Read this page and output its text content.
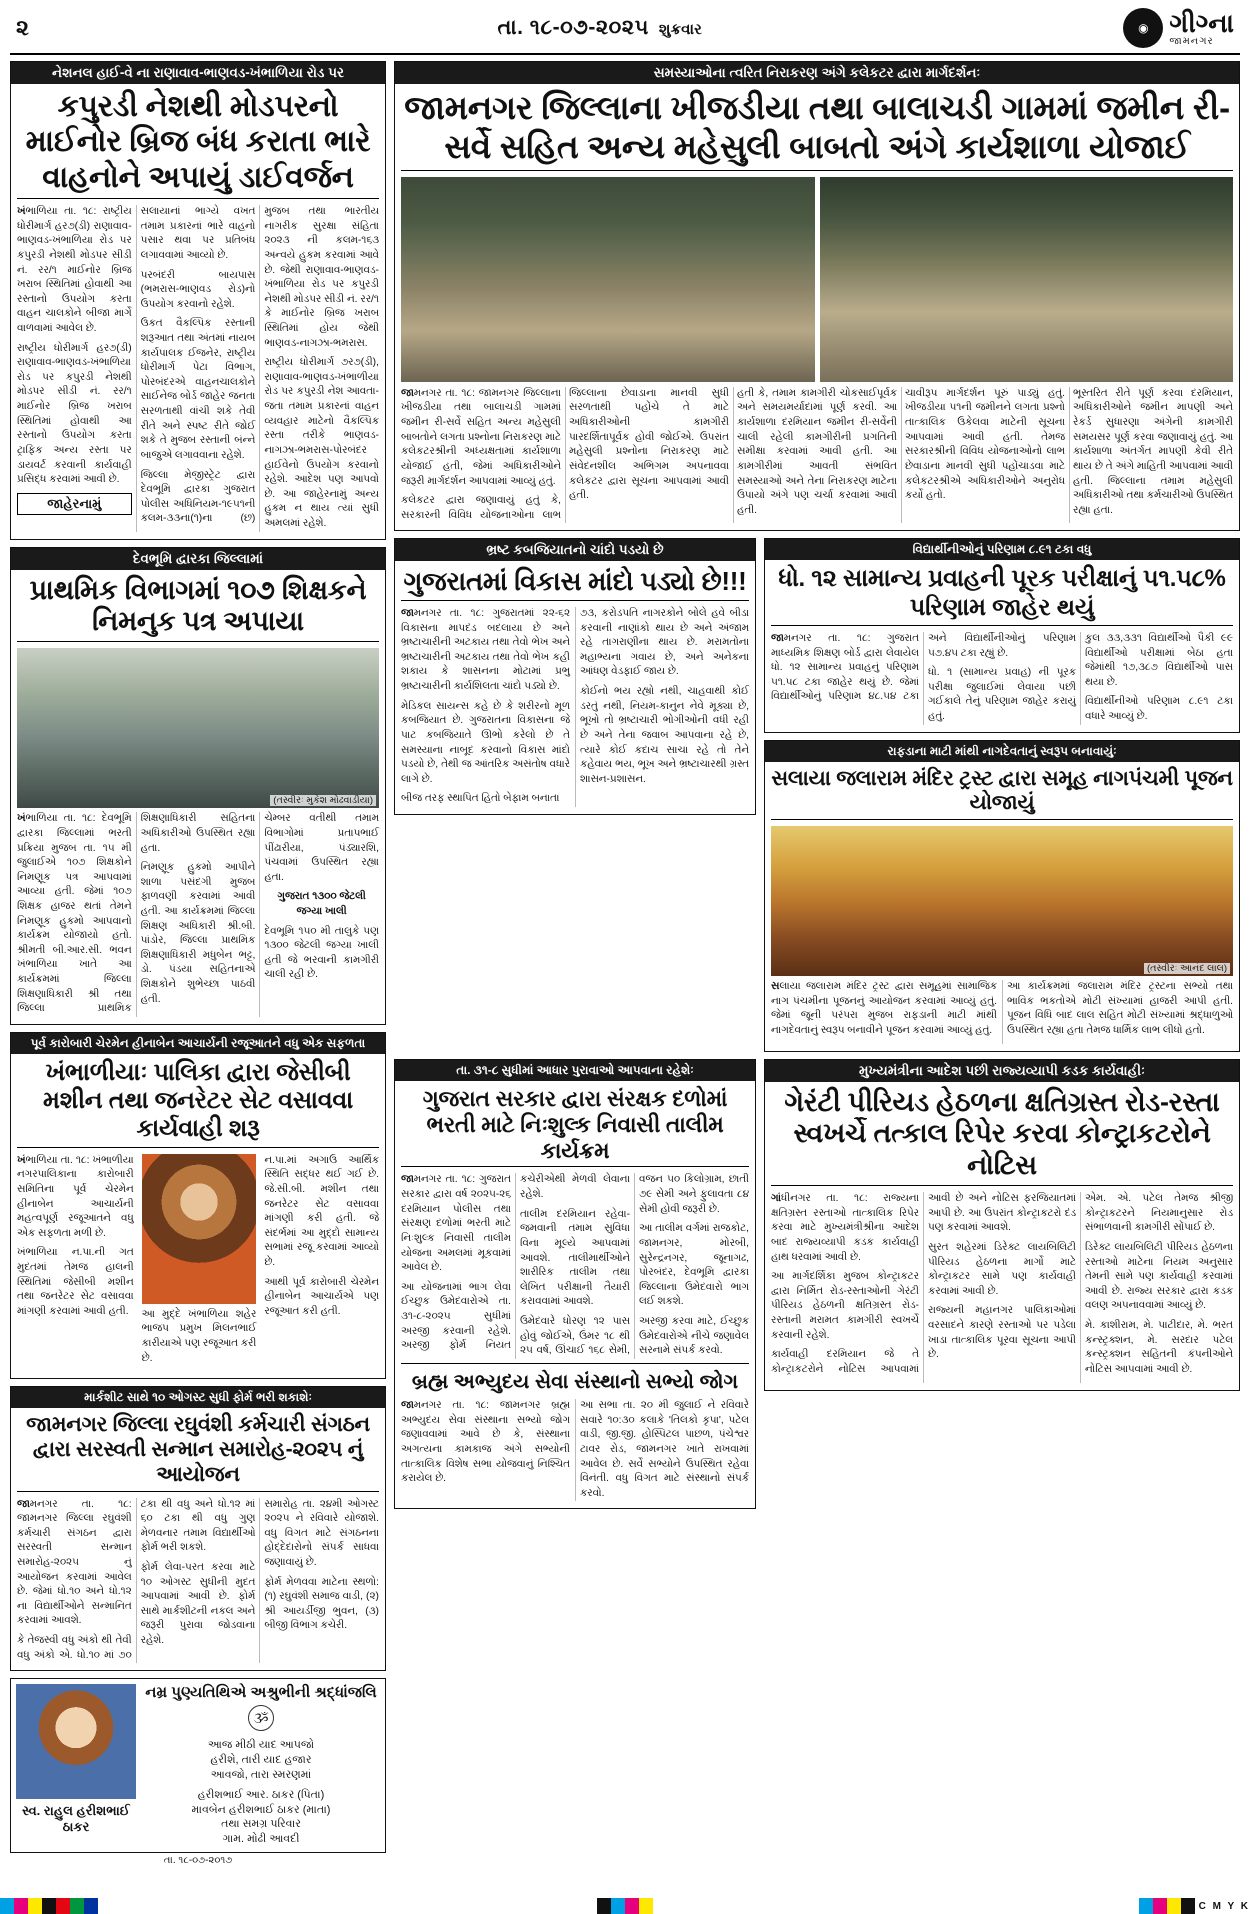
૨	તા. ૧૮-૦૭-૨૦૨૫ શુક્રવાર	◉ ગીગ્ના
જામનગર
નેશનલ હાઈ-વે ના રાણાવાવ-ભાણવડ-ખંભાળિયા રોડ પર
કપુરડી નેશથી મોડપરનો માઈનોર બ્રિજ બંધ કરાતા ભારે વાહનોને અપાયું ડાઈવર્જન

ખંભાળિયા તા. ૧૮: રાષ્ટ્રીય ધોરીમાર્ગ હર૭(ડી) રાણાવાવ-ભાણવડ-ખંભાળિયા રોડ પર કપુરડી નેશથી મોડપર સીડી નં. રર/૧ માઈનોર બ્રિજ ખરાબ સ્થિતિમાં હોવાથી આ રસ્તાનો ઉપયોગ કરતા વાહન ચાલકોને બીજા માર્ગે વાળવામાં આવેલ છે.

રાષ્ટ્રીય ધોરીમાર્ગ હર૭(ડી) રાણાવાવ-ભાણવડ-ખંભાળિયા રોડ પર કપુરડી નેશથી મોડપર સીડી નં. રર/૧ માઈનોર બ્રિજ ખરાબ સ્થિતિમાં હોવાથી આ રસ્તાનો ઉપયોગ કરતા ટ્રાફિક અન્ય રસ્તા પર ડાયવર્ટ કરવાની કાર્યવાહી પ્રસિદ્ધ કરવામાં આવી છે.

જાહેરનામું

સલાયાનાં ભાગ્યે વખત તમામ પ્રકારનાં ભારે વાહનો પસાર થવા પર પ્રતિબંધ લગાવવામાં આવ્યો છે.

પરબંદરી બાયપાસ (ભમરાસ-ભાણવડ રોડ)નો ઉપયોગ કરવાનો રહેશે.

ઉકત વૈકલ્પિક રસ્તાની શરૂઆત તથા અંતમાં નાયબ કાર્યપાલક ઈજનેર, રાષ્ટ્રીય ધોરીમાર્ગ પેટા વિભાગ, પોરબંદરએ વાહનચાલકોને સાઈનેજ બોર્ડ જાહેર જનતા સરળતાથી વાંચી શકે તેવી રીતે અને સ્પષ્ટ રીતે જોઈ શકે તે મુજબ રસ્તાની બંન્ને બાજુએ લગાવવાના રહેશે.

જિલ્લા મેજીસ્ટ્રેટ દ્વારા દેવભૂમિ દ્વારકા ગુજરાત પોલીસ અધિનિયમ-૧૯૫૧ની કલમ-૩૩ના(૧)ના (છ) મુજબ તથા ભારતીય નાગરીક સુરક્ષા સંહિતા ૨૦૨૩ ની કલમ-૧૬૩ અન્વયે હુકમ કરવામાં આવે છે. જેથી રાણાવાવ-ભાણવડ-ખંભાળિયા રોડ પર કપુરડી નેશથી મોડપર સીડી નં. રર/૧ કે માઈનોર બ્રિજ ખરાબ સ્થિતિમાં હોય જેથી ભાણવડ-નાગઝા-ભમરાસ.

રાષ્ટ્રીય ધોરીમાર્ગ ૭ર૭(ડી), રાણાવાવ-ભાણવડ-ખંભાળીયા રોડ પર કપુરડી નેશ આવતા-જતા તમામ પ્રકારનાં વાહન વ્યવહાર માટેનો વૈકલ્પિક રસ્તા તરીકે ભાણવડ-નાગઝા-ભમરાસ-પોરબંદર હાઈવેનો ઉપયોગ કરવાનો રહેશે. આદેશ પણ આપવો છે. આ જાહેરનામું અન્ય હુકમ ન થાય ત્યાં સુધી અમલમાં રહેશે.

દેવભૂમિ દ્વારકા જિલ્લામાં
પ્રાથમિક વિભાગમાં ૧૦૭ શિક્ષકને નિમનુક પત્ર અપાયા
(તસ્વીરઃ મુકેશ મોઢવાડીયા)

ખંભાળિયા તા. ૧૮: દેવભૂમિ દ્વારકા જિલ્લામાં ભરતી પ્રક્રિયા મુજબ તા. ૧૫ મી જુલાઈએ ૧૦૭ શિક્ષકોને નિમણૂક પત્ર આપવામાં આવ્યા હતી. જેમાં ૧૦૭ શિક્ષક હાજર થતાં તેમને નિમણૂક હુકમો આપવાનો કાર્યક્રમ યોજાયો હતો. શ્રીમતી બી.આર.સી. ભવન ખંભાળિયા ખાતે આ કાર્યક્રમમાં જિલ્લા શિક્ષણાધિકારી શ્રી તથા જિલ્લા પ્રાથમિક શિક્ષણાધિકારી સહિતના અધિકારીઓ ઉપસ્થિત રહ્યા હતા.

નિમણૂક હુકમો આપીને શાળા પસંદગી મુજબ ફાળવણી કરવામાં આવી હતી. આ કાર્યક્રમમાં જિલ્લા શિક્ષણ અધિકારી શ્રી.બી. પાંડોર, જિલ્લા પ્રાથમિક શિક્ષણાધિકારી મધુબેન ભટ્ટ, ડો. પંડયા સહિતનાએ શિક્ષકોને શુભેચ્છા પાઠવી હતી.

ચેમ્બર વતીથી તમામ વિભાગોમાં પ્રતાપભાઈ પીંઢારીયા, પંડ્યારશિ, પંચવામાં ઉપસ્થિત રહ્યા હતા.

ગુજરાત ૧૩૦૦ જેટલી જગ્યા ખાલી

દેવભૂમિ ૧૫૦ મી તાલુકે પણ ૧૩૦૦ જેટલી જગ્યા ખાલી હતી જે ભરવાની કામગીરી ચાલી રહી છે.

પૂર્વ કારોબારી ચેરમેન હીનાબેન આચાર્યની રજૂઆતને વધુ એક સફળતા
ખંભાળીયાઃ પાલિકા દ્વારા જેસીબી મશીન તથા જનરેટર સેટ વસાવવા કાર્યવાહી શરૂ

ખંભાળિયા તા. ૧૮: ખંભાળીયા નગરપાલિકાના કારોબારી સમિતિના પૂર્વ ચેરમેન હીનાબેન આચાર્યની મહત્વપૂર્ણ રજૂઆતને વધુ એક સફળતા મળી છે.

ખંભાળિયા ન.પા.ની ગત મુદતમાં તેમજ હાલની સ્થિતિમાં જેસીબી મશીન તથા જનરેટર સેટ વસાવવા માંગણી કરવામાં આવી હતી.	આ મુદ્દે ખંભાળિયા શહેર ભાજપ પ્રમુખ મિલનભાઈ કારીયાએ પણ રજૂઆત કરી છે.

ન.પા.માં અગાઉ આર્થિક સ્થિતિ સદ્ધર થઈ ગઈ છે. જે.સી.બી. મશીન તથા જનરેટર સેટ વસાવવા માંગણી કરી હતી. જે સંદર્ભમાં આ મુદ્દો સામાન્ય સભામાં રજૂ કરવામાં આવ્યો છે.

આથી પૂર્વ કારોબારી ચેરમેન હીનાબેન આચાર્યએ પણ રજૂઆત કરી હતી.

માર્કશીટ સાથે ૧૦ ઓગસ્ટ સુધી ફોર્મ ભરી શકાશેઃ
જામનગર જિલ્લા રઘુવંશી કર્મચારી સંગઠન દ્વારા સરસ્વતી સન્માન સમારોહ-૨૦૨૫ નું આયોજન

જામનગર તા. ૧૮: જામનગર જિલ્લા રઘુવંશી કર્મચારી સંગઠન દ્વારા સરસ્વતી સન્માન સમારોહ-૨૦૨૫ નું આયોજન કરવામાં આવેલ છે. જેમાં ધો.૧૦ અને ધો.૧૨ ના વિદ્યાર્થીઓને સન્માનિત કરવામાં આવશે.

કે તેજસ્વી વધુ અંકો થી તેવી વધુ અંકો એ. ધો.૧૦ માં ૭૦ ટકા થી વધુ અને ધો.૧૨ માં ૬૦ ટકા થી વધુ ગુણ મેળવનાર તમામ વિદ્યાર્થીઓ ફોર્મ ભરી શકશે.

ફોર્મ લેવા-પરત કરવા માટે ૧૦ ઓગસ્ટ સુધીની મુદત આપવામાં આવી છે. ફોર્મ સાથે માર્કશીટની નકલ અને જરૂરી પુરાવા જોડવાના રહેશે.

સમારોહ તા. ૨૪મી ઓગસ્ટ ૨૦૨૫ ને રવિવારે યોજાશે. વધુ વિગત માટે સંગઠનના હોદ્દેદારોનો સંપર્ક સાધવા જણાવાયું છે.

ફોર્મ મેળવવા માટેના સ્થળો: (૧) રઘુવંશી સમાજ વાડી, (૨) શ્રી આયર્ડીજી ભુવન, (૩) બીજી વિભાગ કચેરી.

સ્વ. રાહુલ હરીશભાઈ ઠાકર
નમ્ર પુણ્યતિથિએ અશ્રુભીની શ્રદ્ધાંજલિ
ૐ
આજ મીઠી યાદ આપજો
હરીશે, તારી યાદ હજાર
આવજો, તારા સ્મરણમાં
હરીશભાઈ આર. ઠાકર (પિતા)
માવબેન હરીશભાઈ ઠાકર (માતા)
તથા સમગ્ર પરિવાર
ગામ. મોઢી આવદી
તા. ૧૮-૦૭-૨૦૧૭
સમસ્યાઓના ત્વરિત નિરાકરણ અંગે કલેકટર દ્વારા માર્ગદર્શનઃ
જામનગર જિલ્લાના ખીજડીયા તથા બાલાચડી ગામમાં જમીન રી-સર્વે સહિત અન્ય મહેસુલી બાબતો અંગે કાર્યશાળા યોજાઈ

જામનગર તા. ૧૮: જામનગર જિલ્લાના ખીજડીયા તથા બાલાચડી ગામમાં જમીન રી-સર્વે સહિત અન્ય મહેસુલી બાબતોને લગતા પ્રશ્નોના નિરાકરણ માટે કલેકટરશ્રીની અધ્યક્ષતામાં કાર્યશાળા યોજાઈ હતી, જેમાં અધિકારીઓને જરૂરી માર્ગદર્શન આપવામાં આવ્યું હતું.

કલેકટર દ્વારા જણાવાયું હતું કે, સરકારની વિવિધ યોજનાઓના લાભ જિલ્લાના છેવાડાના માનવી સુધી સરળતાથી પહોંચે તે માટે અધિકારીઓની કામગીરી પારદર્શિતાપૂર્વક હોવી જોઈએ. ઉપરાંત મહેસુલી પ્રશ્નોના નિરાકરણ માટે સંવેદનશીલ અભિગમ અપનાવવા કલેકટર દ્વારા સૂચના આપવામાં આવી હતી.

હતી કે, તમામ કામગીરી ચોકસાઈપૂર્વક અને સમયમર્યાદામાં પૂર્ણ કરવી. આ કાર્યશાળા દરમિયાન જમીન રી-સર્વેની ચાલી રહેલી કામગીરીની પ્રગતિની સમીક્ષા કરવામાં આવી હતી. આ કામગીરીમાં આવતી સંભવિત સમસ્યાઓ અને તેના નિરાકરણ માટેના ઉપાયો અંગે પણ ચર્ચા કરવામાં આવી હતી.

ચાવીરૂપ માર્ગદર્શન પૂરું પાડ્યું હતું. ખીજડીયા ૫૧ની જમીનને લગતા પ્રશ્નો તાત્કાલિક ઉકેલવા માટેની સૂચના આપવામાં આવી હતી. તેમજ સરકારશ્રીની વિવિધ યોજનાઓનો લાભ છેવાડાના માનવી સુધી પહોંચાડવા માટે કલેકટરશ્રીએ અધિકારીઓને અનુરોધ કર્યો હતો.

ભૂસ્તરિત રીતે પૂર્ણ કરવા દરમિયાન, અધિકારીઓને જમીન માપણી અને રેકર્ડ સુધારણા અંગેની કામગીરી સમયસર પૂર્ણ કરવા જણાવાયું હતું. આ કાર્યશાળા અંતર્ગત માપણી કેવી રીતે થાય છે તે અંગે માહિતી આપવામાં આવી હતી. જિલ્લાના તમામ મહેસુલી અધિકારીઓ તથા કર્મચારીઓ ઉપસ્થિત રહ્યા હતા.

ભ્રષ્ટ કબજિયાતનો ચાંદો પડયો છે
ગુજરાતમાં વિકાસ માંદો પડ્યો છે!!!

જામનગર તા. ૧૮: ગુજરાતમાં ૨૨-૬૨ વિકાસના માપદંડ બદલાયા છે અને ભ્રષ્ટાચારીની અટકાય તથા તેવો ભેખ અને ભ્રષ્ટાચારીની અટકાય તથા તેવો ભેખ કહી શકાય કે શાસનના મોટામાં પ્રભુ ભ્રષ્ટાચારીની કાર્યશિલતા ચાંદો પડ્યો છે.

મેડિકલ સાયન્સ કહે છે કે શરીરનો મૂળ કબજિયાત છે. ગુજરાતના વિકાસના જે પાટ કબજિયાતે ઊભો કરેલો છે તે સમસ્યાના નાબૂદ કરવાનો વિકાસ માંદો પડયો છે, તેથી જ આંતરિક અસંતોષ વધારે લાગે છે.

બીજ તરફ સ્થાપિત હિતો બેફામ બનાતા

૭૩, કરોડપતિ નાગરકોને બોલે હવે બીડા કરવાની નાણાંકો થાય છે અને અંજામ રહે તાગરાણીના થાય છે. મરામતોના મહાભ્યના ગવાય છે, અને અનેકના આંધણ વેડફાઈ જાય છે.

કોઈનો ભય રહ્યો નથી, ચાહવાથી કોઈ ડરતું નથી, નિયમ-કાનુન નેવે મૂક્યા છે, ભૂખો તો ભ્રષ્ટાચારી ભોગીઓની વધી રહી છે અને તેના જવાબ આપવાના રહે છે, ત્યારે કોઈ કદાચ સાચા રહે તો તેને કહેવાય ભય, ભૂખ અને ભ્રષ્ટાચારથી ગ્રસ્ત શાસન-પ્રશાસન.

વિદ્યાર્થીનીઓનું પરિણામ ૮.૯૧ ટકા વધુ
ધો. ૧૨ સામાન્ય પ્રવાહની પૂરક પરીક્ષાનું ૫૧.૫૮% પરિણામ જાહેર થયું

જામનગર તા. ૧૮: ગુજરાત માધ્યમિક શિક્ષણ બોર્ડ દ્વારા લેવાયેલ ધો. ૧૨ સામાન્ય પ્રવાહનું પરિણામ ૫૧.૫૮ ટકા જાહેર થયું છે. જેમાં વિદ્યાર્થીઓનું પરિણામ ૪૮.૫૪ ટકા અને વિદ્યાર્થીનીઓનું પરિણામ ૫૭.૪૫ ટકા રહ્યું છે.

ધો. ૧ (સામાન્ય પ્રવાહ) ની પૂરક પરીક્ષા જુલાઈમાં લેવાયા પછી ગઈકાલે તેનું પરિણામ જાહેર કરાયું હતું.

કુલ ૩૩,૩૩૧ વિદ્યાર્થીઓ પૈકી ૯૯ વિદ્યાર્થીઓ પરીક્ષામાં બેઠા હતા જેમાંથી ૧૭,૩૮૭ વિદ્યાર્થીઓ પાસ થયા છે.

વિદ્યાર્થીનીઓ પરિણામ ૮.૯૧ ટકા વધારે આવ્યું છે.

રાફડાના માટી માંથી નાગદેવતાનું સ્વરૂપ બનાવાયુંઃ
સલાયા જલારામ મંદિર ટ્રસ્ટ દ્વારા સમૂહ નાગપંચમી પૂજન યોજાયું
(તસ્વીરઃ આનંદ લાલ)

સલાયા જલારામ મંદિર ટ્રસ્ટ દ્વારા સમૂહમાં સામાજિક નાગ પંચમીના પૂજનનું આયોજન કરવામાં આવ્યું હતું. જેમાં જૂની પરંપરા મુજબ રાફડાની માટી માંથી નાગદેવતાનું સ્વરૂપ બનાવીને પૂજન કરવામાં આવ્યું હતું.

આ કાર્યક્રમમાં જલારામ મંદિર ટ્રસ્ટના સભ્યો તથા ભાવિક ભકતોએ મોટી સંખ્યામાં હાજરી આપી હતી. પૂજન વિધિ બાદ લાલ સહિત મોટી સંખ્યામાં શ્રદ્ધાળુઓ ઉપસ્થિત રહ્યા હતા તેમજ ધાર્મિક લાભ લીધો હતો.

તા. ૩૧-૮ સુધીમાં આધાર પુરાવાઓ આપવાના રહેશેઃ
ગુજરાત સરકાર દ્વારા સંરક્ષક દળોમાં ભરતી માટે નિઃશુલ્ક નિવાસી તાલીમ કાર્યક્રમ

જામનગર તા. ૧૮: ગુજરાત સરકાર દ્વારા વર્ષ ૨૦૨૫-૨૬ દરમિયાન પોલીસ તથા સંરક્ષણ દળોમાં ભરતી માટે નિઃશુલ્ક નિવાસી તાલીમ યોજના અમલમાં મૂકવામાં આવેલ છે.

આ યોજનામાં ભાગ લેવા ઈચ્છુક ઉમેદવારોએ તા. ૩૧-૮-૨૦૨૫ સુધીમાં અરજી કરવાની રહેશે. અરજી ફોર્મ નિયત કચેરીએથી મેળવી લેવાના રહેશે.

તાલીમ દરમિયાન રહેવા-જમવાની તમામ સુવિધા વિના મૂલ્યે આપવામાં આવશે. તાલીમાર્થીઓને શારીરિક તાલીમ તથા લેખિત પરીક્ષાની તૈયારી કરાવવામાં આવશે.

ઉમેદવારે ધોરણ ૧૨ પાસ હોવું જોઈએ, ઉંમર ૧૮ થી ૨૫ વર્ષ, ઊંચાઈ ૧૬૮ સેમી, વજન ૫૦ કિલોગ્રામ, છાતી ૭૯ સેમી અને ફુલાવતા ૮૪ સેમી હોવી જરૂરી છે.

આ તાલીમ વર્ગમાં રાજકોટ, જામનગર, મોરબી, સુરેન્દ્રનગર, જૂનાગઢ, પોરબંદર, દેવભૂમિ દ્વારકા જિલ્લાના ઉમેદવારો ભાગ લઈ શકશે.

અરજી કરવા માટે, ઈચ્છુક ઉમેદવારોએ નીચે જણાવેલ સરનામે સંપર્ક કરવો.

બ્રહ્મ અભ્યુદય સેવા સંસ્થાનો સભ્યો જોગ

જામનગર તા. ૧૮: જામનગર બ્રહ્મ અભ્યુદય સેવા સંસ્થાના સભ્યો જોગ જણાવવામાં આવે છે કે, સંસ્થાના અગત્યના કામકાજ અંગે સભ્યોની તાત્કાલિક વિશેષ સભા યોજવાનું નિશ્ચિત કરાયેલ છે.

આ સભા તા. ૨૦ મી જુલાઈ ને રવિવારે સવારે ૧૦:૩૦ કલાકે 'તિલકો કૃપા', પટેલ વાડી, જી.જી. હોસ્પિટલ પાછળ, પંચેશ્વર ટાવર રોડ, જામનગર ખાતે રાખવામાં આવેલ છે. સર્વે સભ્યોને ઉપસ્થિત રહેવા વિનંતી. વધુ વિગત માટે સંસ્થાનો સંપર્ક કરવો.

મુખ્યમંત્રીના આદેશ પછી રાજ્યવ્યાપી કડક કાર્યવાહીઃ
ગેરંટી પીરિયડ હેઠળના ક્ષતિગ્રસ્ત રોડ-રસ્તા સ્વખર્ચે તત્કાલ રિપેર કરવા કોન્ટ્રાકટરોને નોટિસ

ગાંધીનગર તા. ૧૮: રાજ્યના ક્ષતિગ્રસ્ત રસ્તાઓ તાત્કાલિક રિપેર કરવા માટે મુખ્યમંત્રીશ્રીના આદેશ બાદ રાજ્યવ્યાપી કડક કાર્યવાહી હાથ ધરવામાં આવી છે.

આ માર્ગદર્શિકા મુજબ કોન્ટ્રાકટર દ્વારા નિર્મિત રોડ-રસ્તાઓની ગેરંટી પીરિયડ હેઠળની ક્ષતિગ્રસ્ત રોડ-રસ્તાની મરામત કામગીરી સ્વખર્ચે કરવાની રહેશે.

કાર્યવાહી દરમિયાન જે તે કોન્ટ્રાકટરોને નોટિસ આપવામાં આવી છે અને નોટિસ ફરજિયાતમાં આપી છે. આ ઉપરાંત કોન્ટ્રાકટરો દંડ પણ કરવામાં આવશે.

સુરત શહેરમાં ડિરેક્ટ લાયબિલિટી પીરિયડ હેઠળના માર્ગો માટે કોન્ટ્રાકટર સામે પણ કાર્યવાહી કરવામાં આવી છે.

રાજ્યની મહાનગર પાલિકાઓમાં વરસાદને કારણે રસ્તાઓ પર પડેલા ખાડા તાત્કાલિક પૂરવા સૂચના આપી છે.

એમ. એ. પટેલ તેમજ શ્રીજી કોન્ટ્રાકટરને નિયમાનુસાર રોડ સંભાળવાની કામગીરી સોંપાઈ છે.

ડિરેક્ટ લાયબિલિટી પીરિયડ હેઠળના રસ્તાઓ માટેના નિયમ અનુસાર તેમની સામે પણ કાર્યવાહી કરવામાં આવી છે. રાજ્ય સરકાર દ્વારા કડક વલણ અપનાવવામાં આવ્યું છે.

મે. કાશીરામ, મે. પાટીદાર, મે. ભરત કન્સ્ટ્રક્શન, મે. સરદાર પટેલ કન્સ્ટ્રક્શન સહિતની કંપનીઓને નોટિસ આપવામાં આવી છે.

C M Y K
